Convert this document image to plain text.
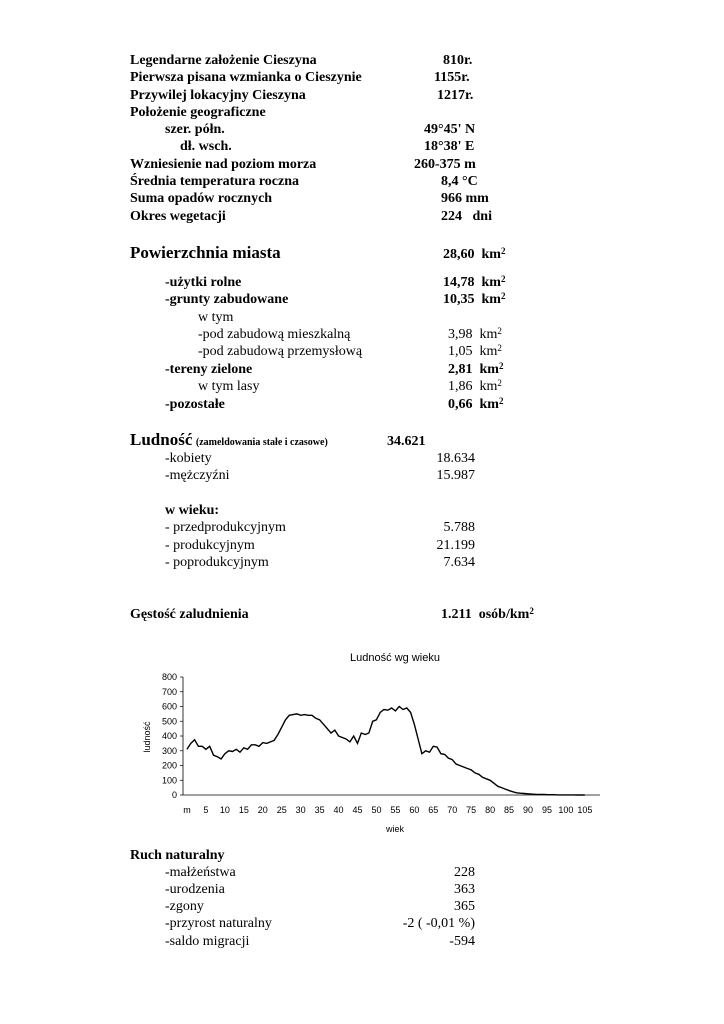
Legendarne założenie Cieszyna	810r.
Pierwsza pisana wzmianka o Cieszynie	1155r.
Przywilej lokacyjny Cieszyna	1217r.
Położenie geograficzne
szer. półn.	49°45' N
dł. wsch.	18°38' E
Wzniesienie nad poziom morza	260-375 m
Średnia temperatura roczna	8,4 °C
Suma opadów rocznych	966 mm
Okres wegetacji	224   dni
Powierzchnia miasta	28,60 $km^2$
-użytki rolne	14,78 $km^2$
-grunty zabudowane	10,35 $km^2$
w tym
-pod zabudową mieszkalną	3,98 $km^2$
-pod zabudową przemysłową	1,05 $km^2$
-tereny zielone	2,81 $km^2$
w tym lasy	1,86 $km^2$
-pozostałe	0,66 $km^2$
Ludność (zameldowania stałe i czasowe)	34.621
-kobiety	18.634
-mężczyźni	15.987
w wieku:
- przedprodukcyjnym	5.788
- produkcyjnym	21.199
- poprodukcyjnym	7.634
Gęstość zaludnienia	1.211 osób/$km^2$
Ludność wg wieku
0
100
200
300
400
500
600
700
800
m 5 10 15 20 25 30 35 40 45 50 55 60 65 70 75 80 85 90 95 100 105
ludność
wiek
Ruch naturalny
-małżeństwa	228
-urodzenia	363
-zgony	365
-przyrost naturalny	-2 ( -0,01 %)
-saldo migracji	-594
